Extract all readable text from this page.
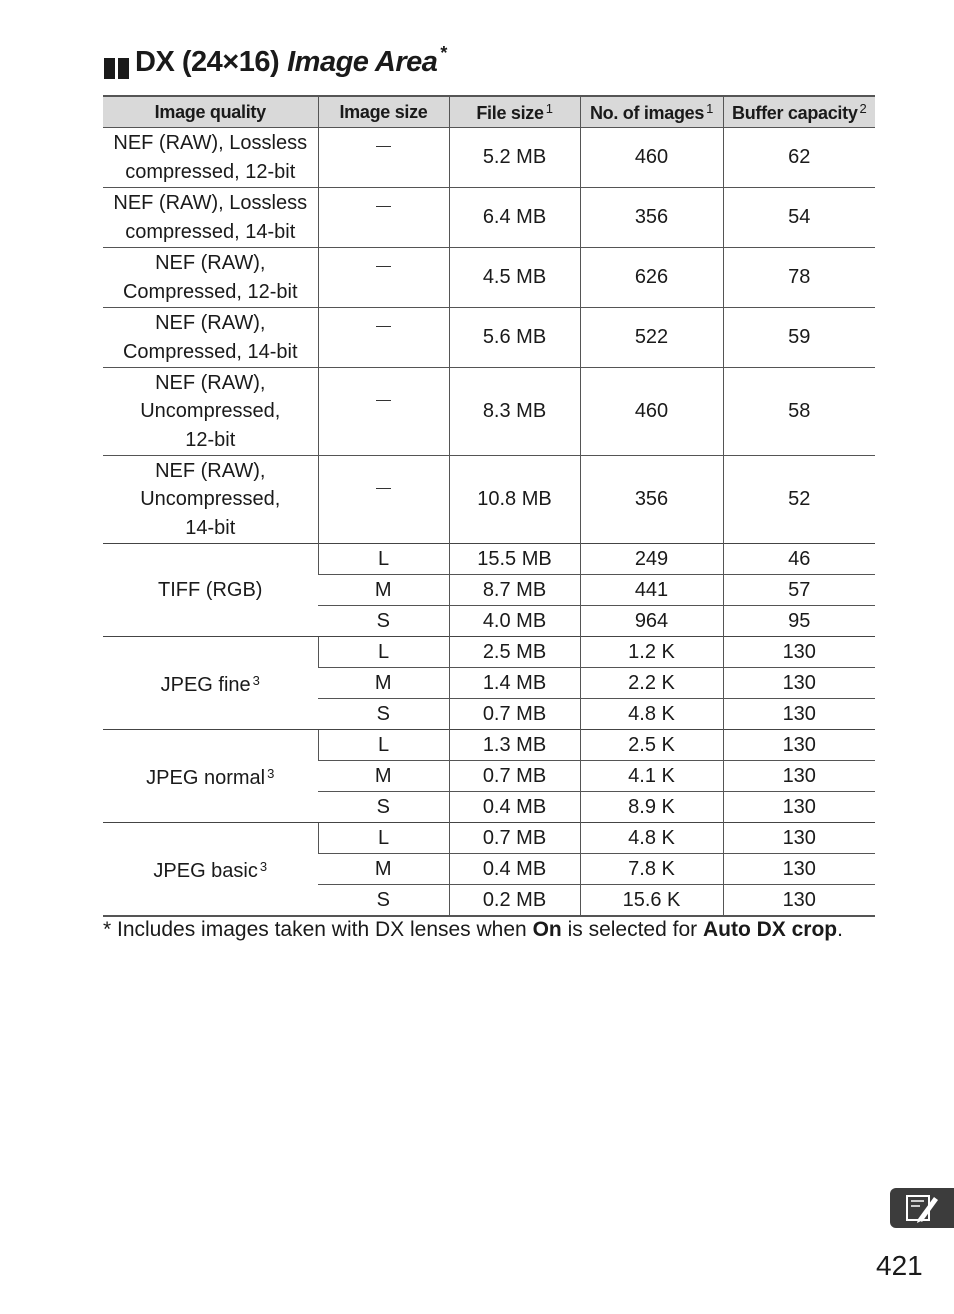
DX (24×16) Image Area *
Image quality	Image size	File size $^1$	No. of images $^1$	Buffer capacity $^2$
NEF (RAW), Lossless
compressed, 12-bit		5.2 MB	460	62
NEF (RAW), Lossless
compressed, 14-bit		6.4 MB	356	54
NEF (RAW),
Compressed, 12-bit		4.5 MB	626	78
NEF (RAW),
Compressed, 14-bit		5.6 MB	522	59
NEF (RAW),
Uncompressed,
12-bit		8.3 MB	460	58
NEF (RAW),
Uncompressed,
14-bit		10.8 MB	356	52
TIFF (RGB)	L	15.5 MB	249	46
	M	8.7 MB	441	57
	S	4.0 MB	964	95
JPEG fine $^3$	L	2.5 MB	1.2 K	130
	M	1.4 MB	2.2 K	130
	S	0.7 MB	4.8 K	130
JPEG normal $^3$	L	1.3 MB	2.5 K	130
	M	0.7 MB	4.1 K	130
	S	0.4 MB	8.9 K	130
JPEG basic $^3$	L	0.7 MB	4.8 K	130
	M	0.4 MB	7.8 K	130
	S	0.2 MB	15.6 K	130
* Includes images taken with DX lenses when On is selected for Auto DX crop.
421
